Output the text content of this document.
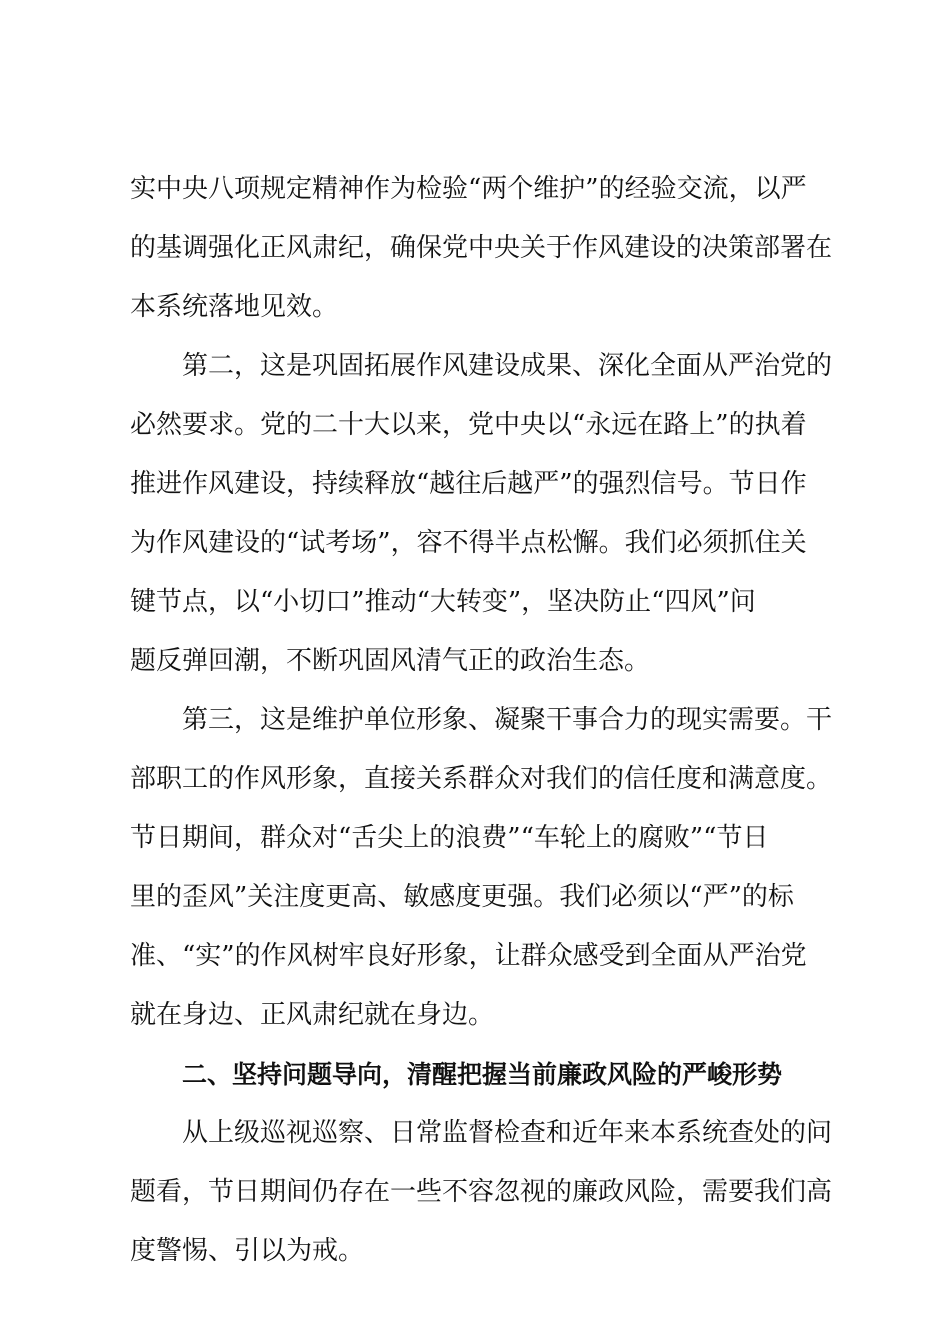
实中央八项规定精神作为检验“两个维护”的经验交流，以严
的基调强化正风肃纪，确保党中央关于作风建设的决策部署在
本系统落地见效。
第二，这是巩固拓展作风建设成果、深化全面从严治党的
必然要求。党的二十大以来，党中央以“永远在路上”的执着
推进作风建设，持续释放“越往后越严”的强烈信号。节日作
为作风建设的“试考场”，容不得半点松懈。我们必须抓住关
键节点，以“小切口”推动“大转变”，坚决防止“四风”问
题反弹回潮，不断巩固风清气正的政治生态。
第三，这是维护单位形象、凝聚干事合力的现实需要。干
部职工的作风形象，直接关系群众对我们的信任度和满意度。
节日期间，群众对“舌尖上的浪费”“车轮上的腐败”“节日
里的歪风”关注度更高、敏感度更强。我们必须以“严”的标
准、“实”的作风树牢良好形象，让群众感受到全面从严治党
就在身边、正风肃纪就在身边。
二、坚持问题导向，清醒把握当前廉政风险的严峻形势
从上级巡视巡察、日常监督检查和近年来本系统查处的问
题看，节日期间仍存在一些不容忽视的廉政风险，需要我们高
度警惕、引以为戒。
